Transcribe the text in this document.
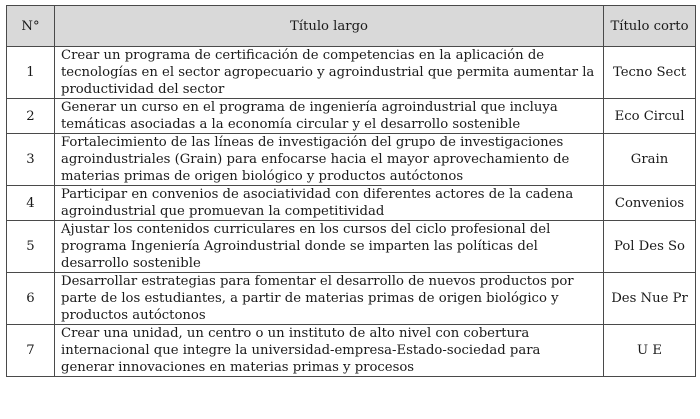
N°	Título largo	Título corto
1	Crear un programa de certificación de competencias en la aplicación de tecnologías en el sector agropecuario y agroindustrial que permita aumentar la productividad del sector	Tecno Sect
2	Generar un curso en el programa de ingeniería agroindustrial que incluya temáticas asociadas a la economía circular y el desarrollo sostenible	Eco Circul
3	Fortalecimiento de las líneas de investigación del grupo de investigaciones agroindustriales (Grain) para enfocarse hacia el mayor aprovechamiento de materias primas de origen biológico y productos autóctonos	Grain
4	Participar en convenios de asociatividad con diferentes actores de la cadena agroindustrial que promuevan la competitividad	Convenios
5	Ajustar los contenidos curriculares en los cursos del ciclo profesional del programa Ingeniería Agroindustrial donde se imparten las políticas del desarrollo sostenible	Pol Des So
6	Desarrollar estrategias para fomentar el desarrollo de nuevos productos por parte de los estudiantes, a partir de materias primas de origen biológico y productos autóctonos	Des Nue Pr
7	Crear una unidad, un centro o un instituto de alto nivel con cobertura internacional que integre la universidad-empresa-Estado-sociedad para generar innovaciones en materias primas y procesos	U E
